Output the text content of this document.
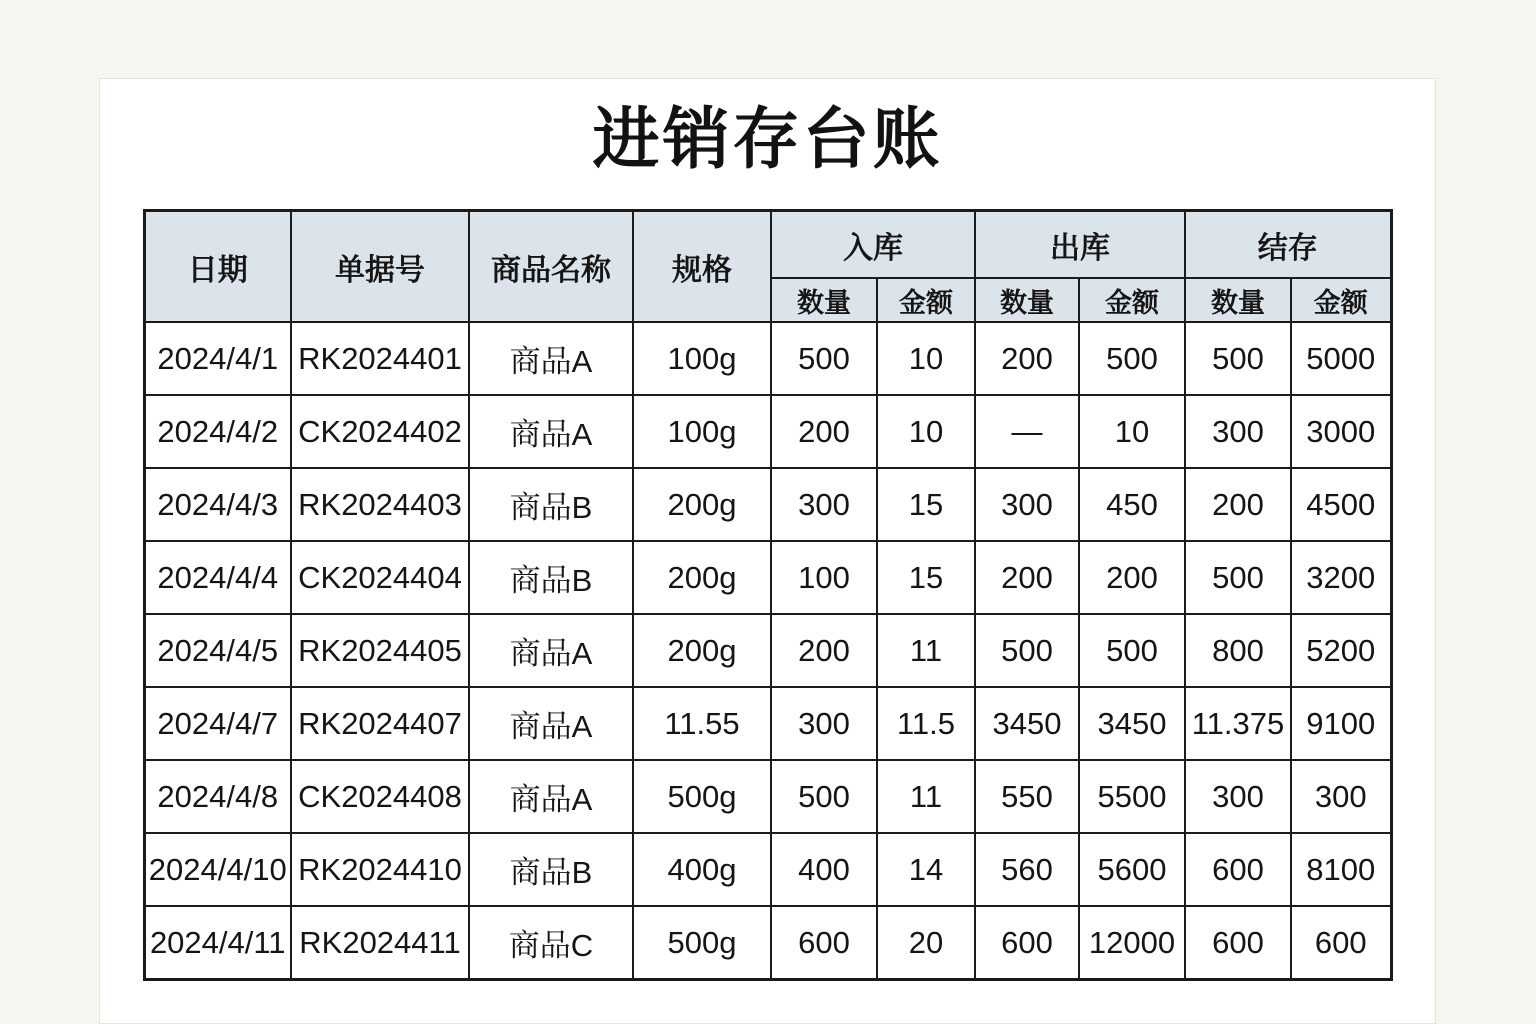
进销存台账
日期	单据号	商品名称	规格	入库		出库		结存	
				数量	金额	数量	金额	数量	金额
2024/4/1	RK2024401	商品A	100g	500	10	200	500	500	5000
2024/4/2	CK2024402	商品A	100g	200	10	—	10	300	3000
2024/4/3	RK2024403	商品B	200g	300	15	300	450	200	4500
2024/4/4	CK2024404	商品B	200g	100	15	200	200	500	3200
2024/4/5	RK2024405	商品A	200g	200	11	500	500	800	5200
2024/4/7	RK2024407	商品A	11.55	300	11.5	3450	3450	11.375	9100
2024/4/8	CK2024408	商品A	500g	500	11	550	5500	300	300
2024/4/10	RK2024410	商品B	400g	400	14	560	5600	600	8100
2024/4/11	RK2024411	商品C	500g	600	20	600	12000	600	600
